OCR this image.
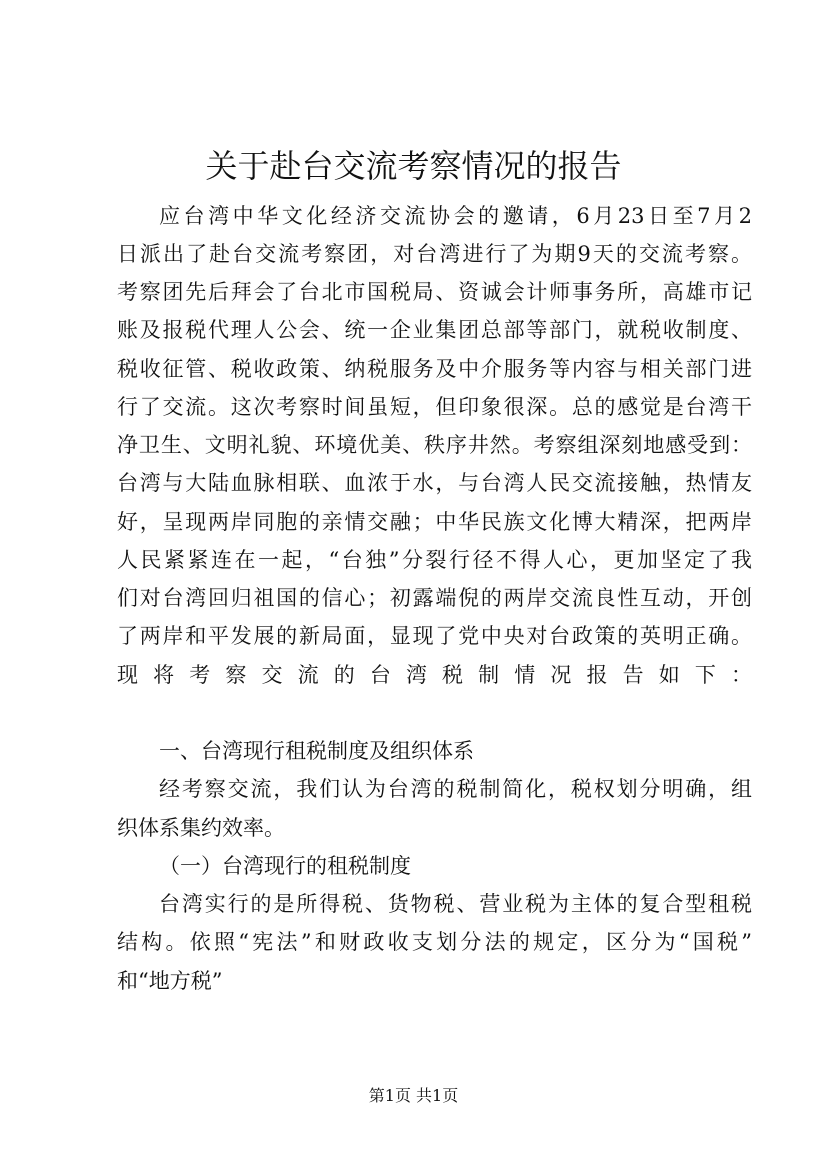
关于赴台交流考察情况的报告
应台湾中华文化经济交流协会的邀请，6月23日至7月2
日派出了赴台交流考察团，对台湾进行了为期9天的交流考察。
考察团先后拜会了台北市国税局、资诚会计师事务所，高雄市记
账及报税代理人公会、统一企业集团总部等部门，就税收制度、
税收征管、税收政策、纳税服务及中介服务等内容与相关部门进
行了交流。这次考察时间虽短，但印象很深。总的感觉是台湾干
净卫生、文明礼貌、环境优美、秩序井然。考察组深刻地感受到：
台湾与大陆血脉相联、血浓于水，与台湾人民交流接触，热情友
好，呈现两岸同胞的亲情交融；中华民族文化博大精深，把两岸
人民紧紧连在一起，“台独”分裂行径不得人心，更加坚定了我
们对台湾回归祖国的信心；初露端倪的两岸交流良性互动，开创
了两岸和平发展的新局面，显现了党中央对台政策的英明正确。
现将考察交流的台湾税制情况报告如下：
一、台湾现行租税制度及组织体系
经考察交流，我们认为台湾的税制简化，税权划分明确，组
织体系集约效率。
（一）台湾现行的租税制度
台湾实行的是所得税、货物税、营业税为主体的复合型租税
结构。依照“宪法”和财政收支划分法的规定，区分为“国税”
和“地方税”
第1页 共1页
